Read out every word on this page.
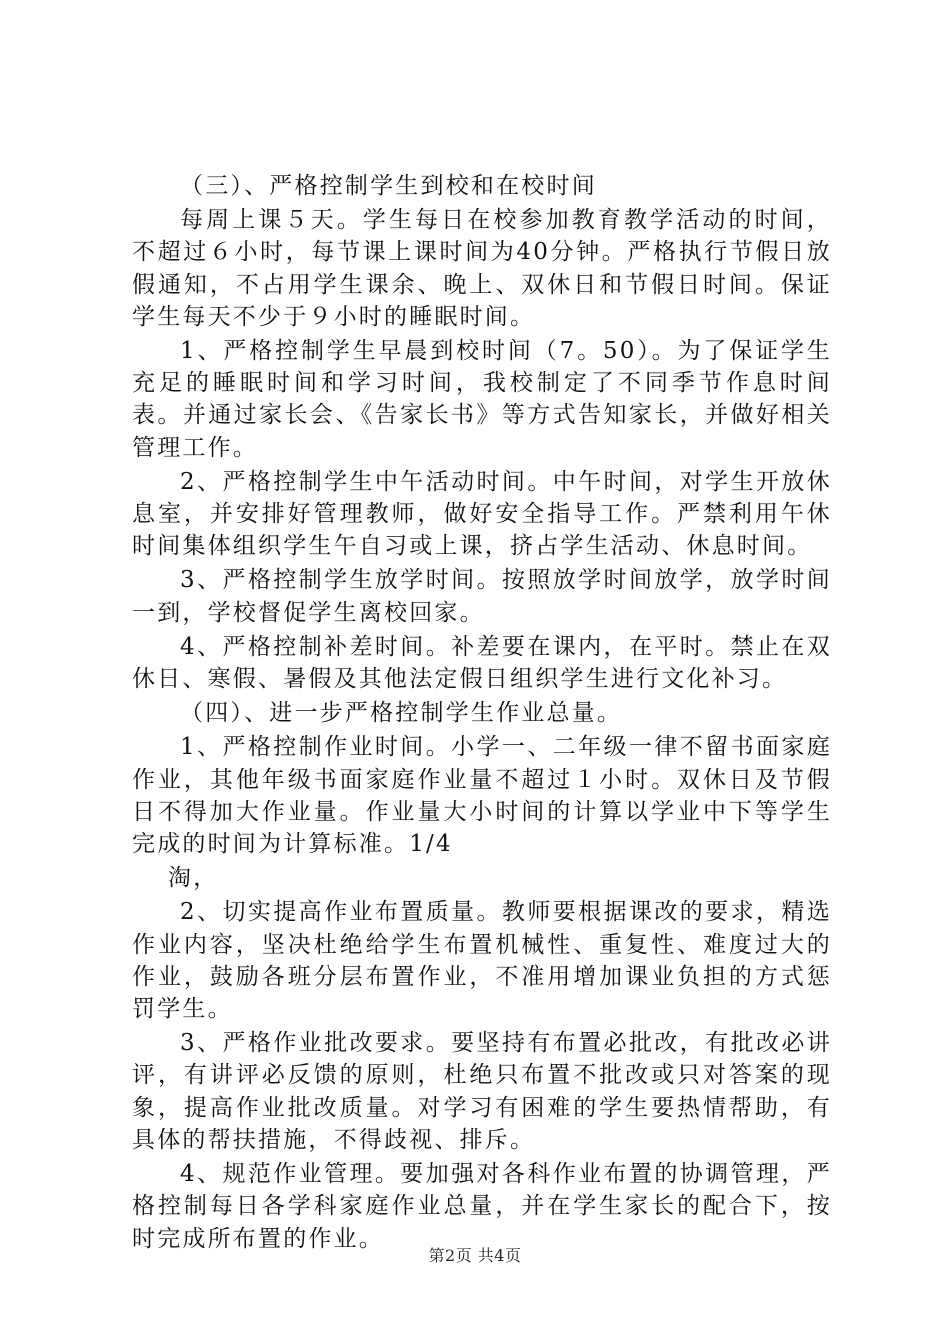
（三）、严格控制学生到校和在校时间

每周上课５天。学生每日在校参加教育教学活动的时间，不超过６小时，每节课上课时间为40分钟。严格执行节假日放假通知，不占用学生课余、晚上、双休日和节假日时间。保证学生每天不少于９小时的睡眠时间。

1、严格控制学生早晨到校时间（7。50）。为了保证学生充足的睡眠时间和学习时间，我校制定了不同季节作息时间表。并通过家长会、《告家长书》等方式告知家长，并做好相关管理工作。

2、严格控制学生中午活动时间。中午时间，对学生开放休息室，并安排好管理教师，做好安全指导工作。严禁利用午休时间集体组织学生午自习或上课，挤占学生活动、休息时间。

3、严格控制学生放学时间。按照放学时间放学，放学时间一到，学校督促学生离校回家。

4、严格控制补差时间。补差要在课内，在平时。禁止在双休日、寒假、暑假及其他法定假日组织学生进行文化补习。

（四）、进一步严格控制学生作业总量。

1、严格控制作业时间。小学一、二年级一律不留书面家庭作业，其他年级书面家庭作业量不超过１小时。双休日及节假日不得加大作业量。作业量大小时间的计算以学业中下等学生完成的时间为计算标准。1/4

淘，

2、切实提高作业布置质量。教师要根据课改的要求，精选作业内容，坚决杜绝给学生布置机械性、重复性、难度过大的作业，鼓励各班分层布置作业，不准用增加课业负担的方式惩罚学生。

3、严格作业批改要求。要坚持有布置必批改，有批改必讲评，有讲评必反馈的原则，杜绝只布置不批改或只对答案的现象，提高作业批改质量。对学习有困难的学生要热情帮助，有具体的帮扶措施，不得歧视、排斥。

4、规范作业管理。要加强对各科作业布置的协调管理，严格控制每日各学科家庭作业总量，并在学生家长的配合下，按时完成所布置的作业。

第2页 共4页
